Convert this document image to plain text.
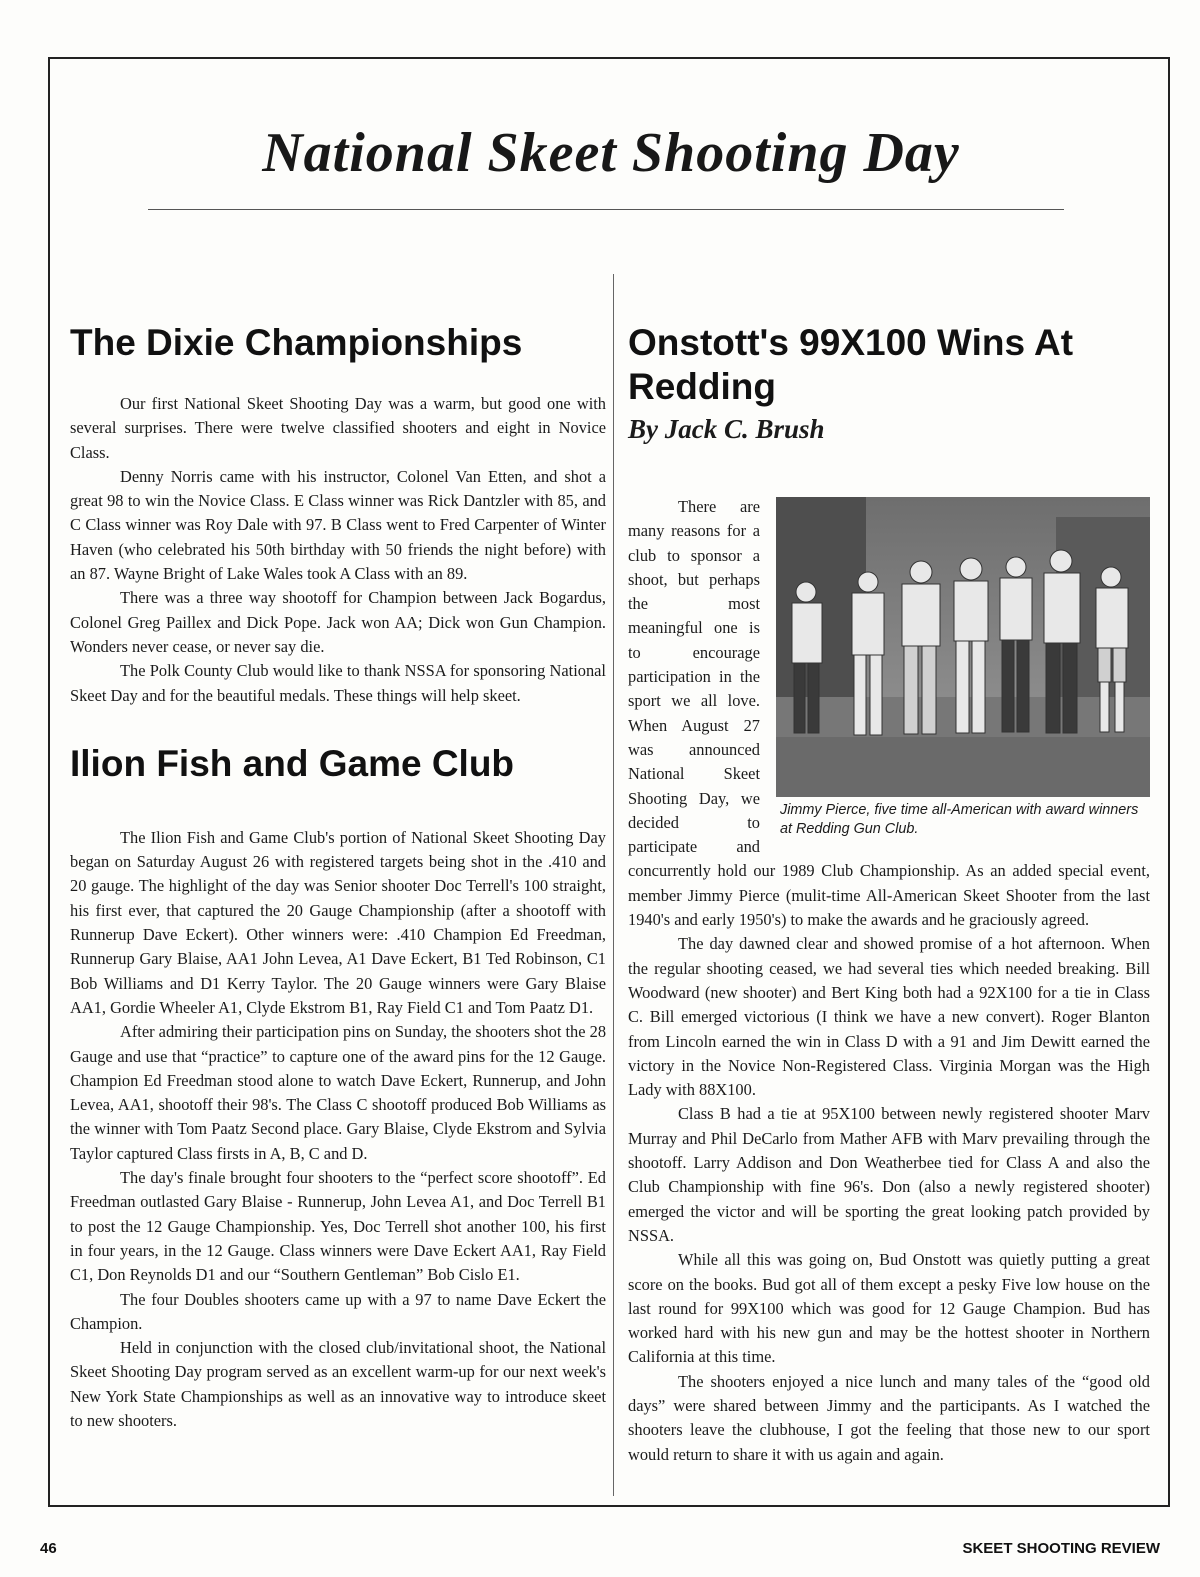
National Skeet Shooting Day
The Dixie Championships

Our first National Skeet Shooting Day was a warm, but good one with several surprises. There were twelve classified shooters and eight in Novice Class.

Denny Norris came with his instructor, Colonel Van Etten, and shot a great 98 to win the Novice Class. E Class winner was Rick Dantzler with 85, and C Class winner was Roy Dale with 97. B Class went to Fred Carpenter of Winter Haven (who celebrated his 50th birthday with 50 friends the night before) with an 87. Wayne Bright of Lake Wales took A Class with an 89.

There was a three way shootoff for Champion between Jack Bogardus, Colonel Greg Paillex and Dick Pope. Jack won AA; Dick won Gun Champion. Wonders never cease, or never say die.

The Polk County Club would like to thank NSSA for sponsoring National Skeet Day and for the beautiful medals. These things will help skeet.

Ilion Fish and Game Club

The Ilion Fish and Game Club's portion of National Skeet Shooting Day began on Saturday August 26 with registered targets being shot in the .410 and 20 gauge. The highlight of the day was Senior shooter Doc Terrell's 100 straight, his first ever, that captured the 20 Gauge Championship (after a shootoff with Runnerup Dave Eckert). Other winners were: .410 Champion Ed Freedman, Runnerup Gary Blaise, AA1 John Levea, A1 Dave Eckert, B1 Ted Robinson, C1 Bob Williams and D1 Kerry Taylor. The 20 Gauge winners were Gary Blaise AA1, Gordie Wheeler A1, Clyde Ekstrom B1, Ray Field C1 and Tom Paatz D1.

After admiring their participation pins on Sunday, the shooters shot the 28 Gauge and use that “practice” to capture one of the award pins for the 12 Gauge. Champion Ed Freedman stood alone to watch Dave Eckert, Runnerup, and John Levea, AA1, shootoff their 98's. The Class C shootoff produced Bob Williams as the winner with Tom Paatz Second place. Gary Blaise, Clyde Ekstrom and Sylvia Taylor captured Class firsts in A, B, C and D.

The day's finale brought four shooters to the “perfect score shootoff”. Ed Freedman outlasted Gary Blaise - Runnerup, John Levea A1, and Doc Terrell B1 to post the 12 Gauge Championship. Yes, Doc Terrell shot another 100, his first in four years, in the 12 Gauge. Class winners were Dave Eckert AA1, Ray Field C1, Don Reynolds D1 and our “Southern Gentleman” Bob Cislo E1.

The four Doubles shooters came up with a 97 to name Dave Eckert the Champion.

Held in conjunction with the closed club/invitational shoot, the National Skeet Shooting Day program served as an excellent warm-up for our next week's New York State Championships as well as an innovative way to introduce skeet to new shooters.

Onstott's 99X100 Wins At Redding
By Jack C. Brush
Jimmy Pierce, five time all-American with award winners at Redding Gun Club.

There are many reasons for a club to sponsor a shoot, but perhaps the most meaningful one is to encourage participation in the sport we all love. When August 27 was announced National Skeet Shooting Day, we decided to participate and concurrently hold our 1989 Club Championship. As an added special event, member Jimmy Pierce (mulit-time All-American Skeet Shooter from the last 1940's and early 1950's) to make the awards and he graciously agreed.

The day dawned clear and showed promise of a hot afternoon. When the regular shooting ceased, we had several ties which needed breaking. Bill Woodward (new shooter) and Bert King both had a 92X100 for a tie in Class C. Bill emerged victorious (I think we have a new convert). Roger Blanton from Lincoln earned the win in Class D with a 91 and Jim Dewitt earned the victory in the Novice Non-Registered Class. Virginia Morgan was the High Lady with 88X100.

Class B had a tie at 95X100 between newly registered shooter Marv Murray and Phil DeCarlo from Mather AFB with Marv prevailing through the shootoff. Larry Addison and Don Weatherbee tied for Class A and also the Club Championship with fine 96's. Don (also a newly registered shooter) emerged the victor and will be sporting the great looking patch provided by NSSA.

While all this was going on, Bud Onstott was quietly putting a great score on the books. Bud got all of them except a pesky Five low house on the last round for 99X100 which was good for 12 Gauge Champion. Bud has worked hard with his new gun and may be the hottest shooter in Northern California at this time.

The shooters enjoyed a nice lunch and many tales of the “good old days” were shared between Jimmy and the participants. As I watched the shooters leave the clubhouse, I got the feeling that those new to our sport would return to share it with us again and again.

46	SKEET SHOOTING REVIEW
